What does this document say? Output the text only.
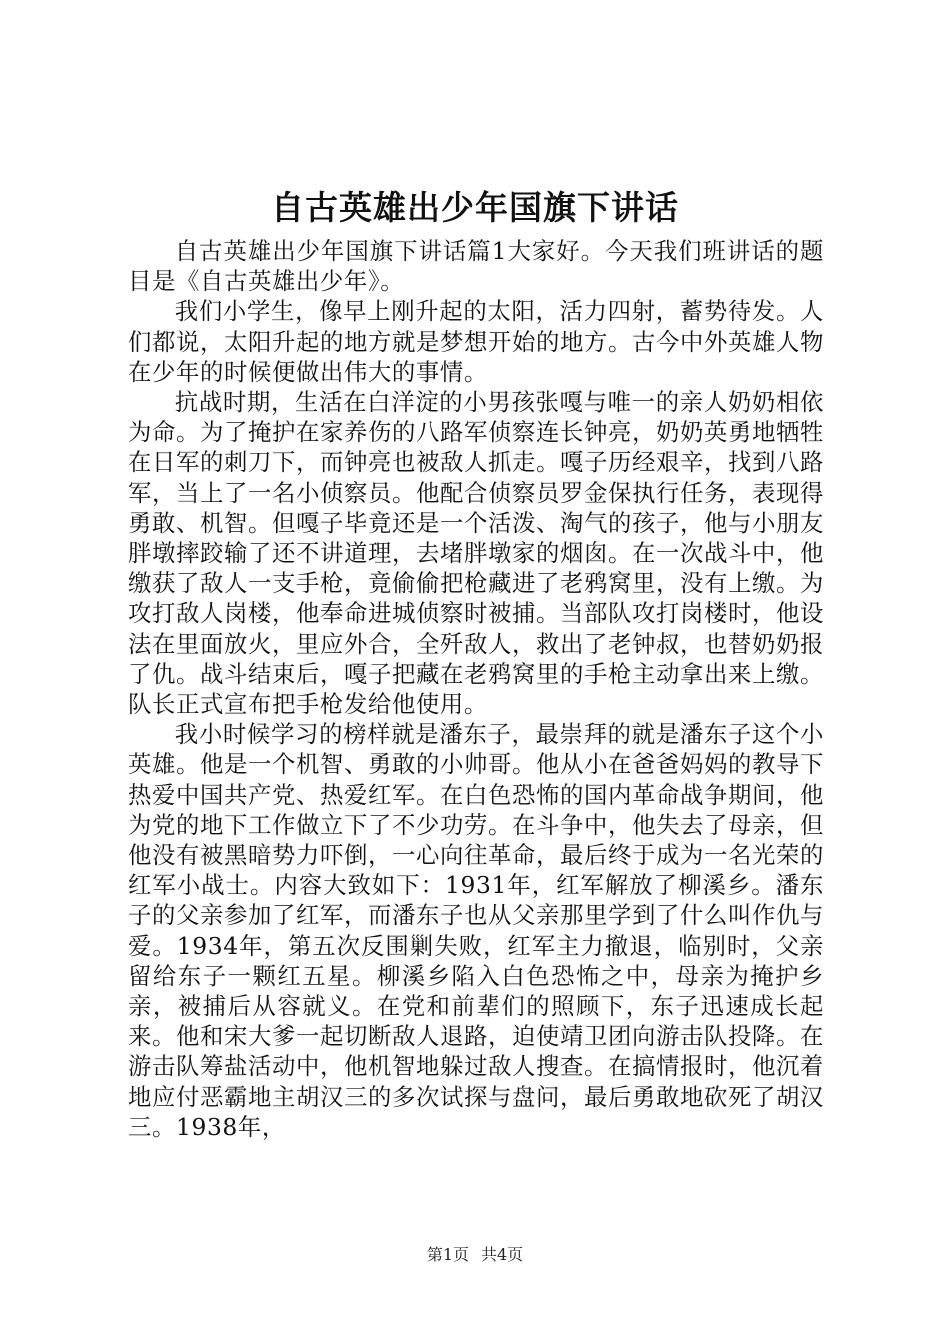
自古英雄出少年国旗下讲话

自古英雄出少年国旗下讲话篇1大家好。今天我们班讲话的题目是《自古英雄出少年》。

我们小学生，像早上刚升起的太阳，活力四射，蓄势待发。人们都说，太阳升起的地方就是梦想开始的地方。古今中外英雄人物在少年的时候便做出伟大的事情。

抗战时期，生活在白洋淀的小男孩张嘎与唯一的亲人奶奶相依为命。为了掩护在家养伤的八路军侦察连长钟亮，奶奶英勇地牺牲在日军的刺刀下，而钟亮也被敌人抓走。嘎子历经艰辛，找到八路军，当上了一名小侦察员。他配合侦察员罗金保执行任务，表现得勇敢、机智。但嘎子毕竟还是一个活泼、淘气的孩子，他与小朋友胖墩摔跤输了还不讲道理，去堵胖墩家的烟囱。在一次战斗中，他缴获了敌人一支手枪，竟偷偷把枪藏进了老鸦窝里，没有上缴。为攻打敌人岗楼，他奉命进城侦察时被捕。当部队攻打岗楼时，他设法在里面放火，里应外合，全歼敌人，救出了老钟叔，也替奶奶报了仇。战斗结束后，嘎子把藏在老鸦窝里的手枪主动拿出来上缴。队长正式宣布把手枪发给他使用。

我小时候学习的榜样就是潘东子，最崇拜的就是潘东子这个小英雄。他是一个机智、勇敢的小帅哥。他从小在爸爸妈妈的教导下热爱中国共产党、热爱红军。在白色恐怖的国内革命战争期间，他为党的地下工作做立下了不少功劳。在斗争中，他失去了母亲，但他没有被黑暗势力吓倒，一心向往革命，最后终于成为一名光荣的红军小战士。内容大致如下：1931年，红军解放了柳溪乡。潘东子的父亲参加了红军，而潘东子也从父亲那里学到了什么叫作仇与爱。1934年，第五次反围剿失败，红军主力撤退，临别时，父亲留给东子一颗红五星。柳溪乡陷入白色恐怖之中，母亲为掩护乡亲，被捕后从容就义。在党和前辈们的照顾下，东子迅速成长起来。他和宋大爹一起切断敌人退路，迫使靖卫团向游击队投降。在游击队筹盐活动中，他机智地躲过敌人搜查。在搞情报时，他沉着地应付恶霸地主胡汉三的多次试探与盘问，最后勇敢地砍死了胡汉三。1938年，

第1页 共4页
